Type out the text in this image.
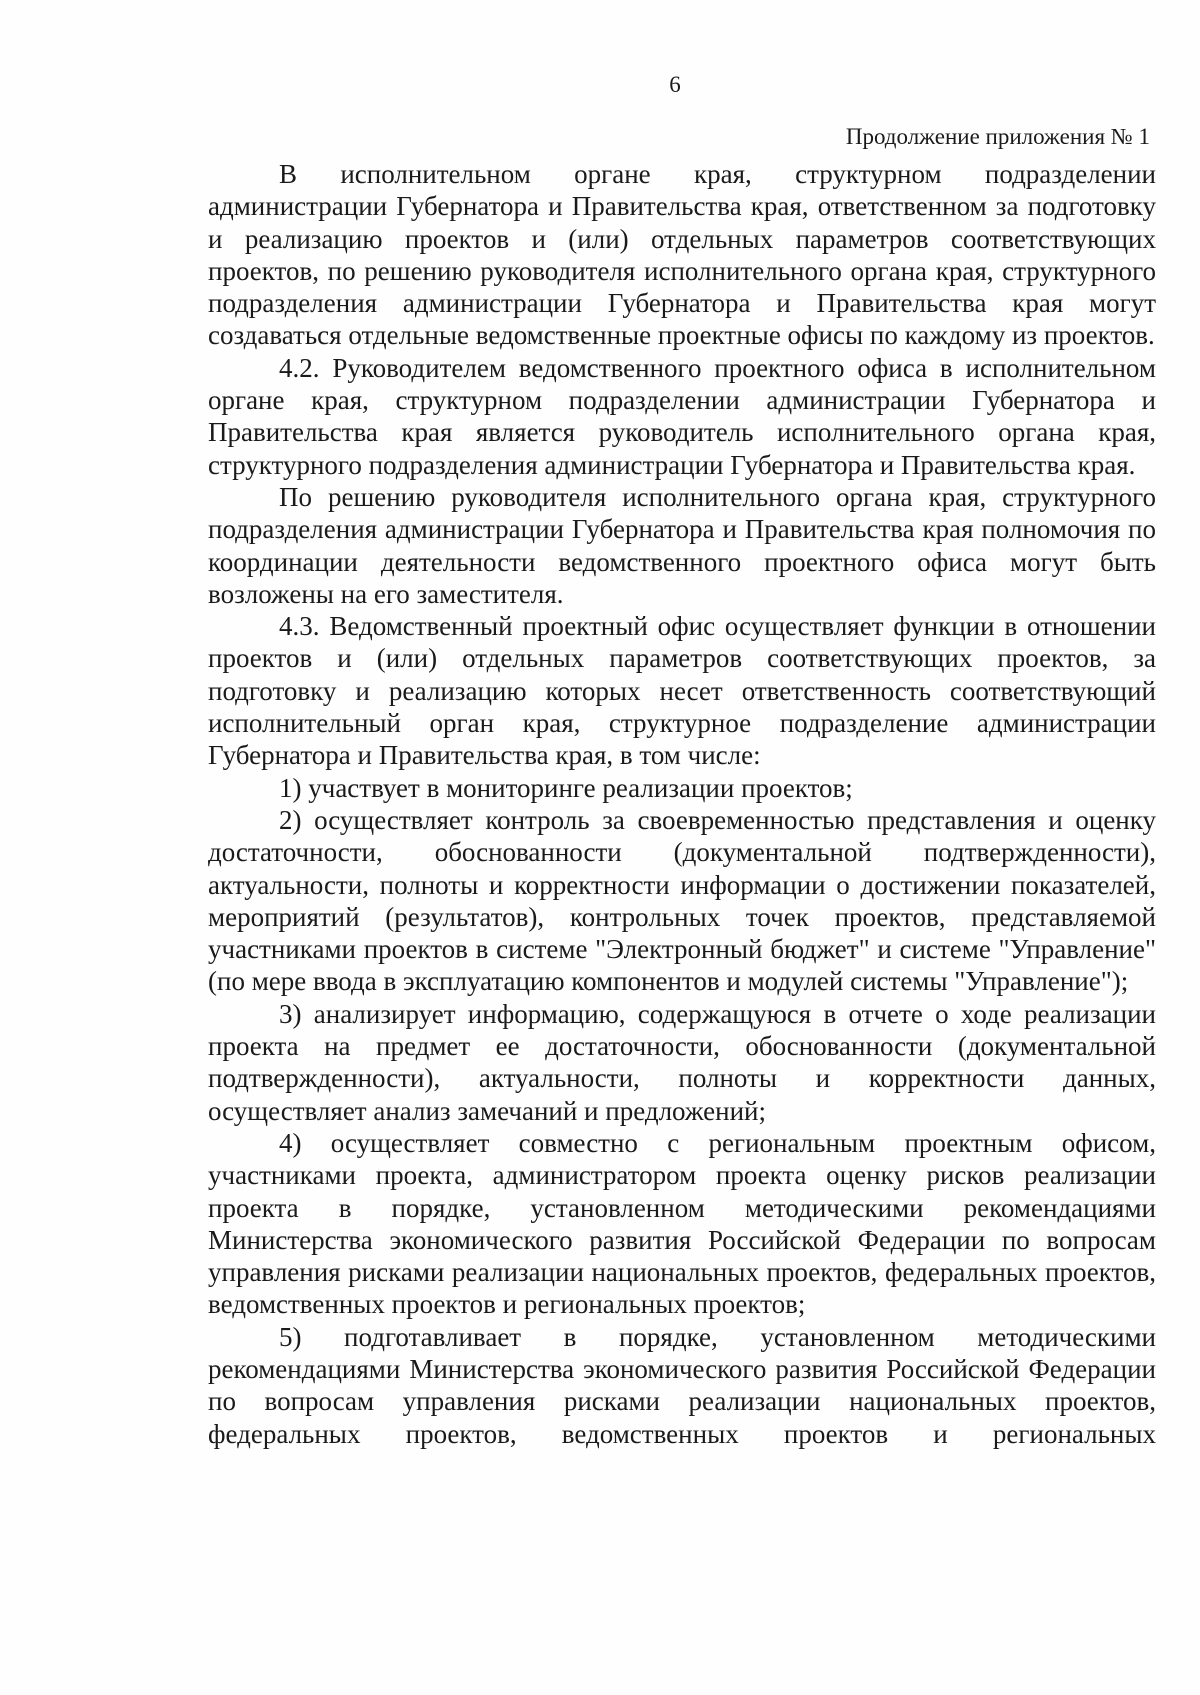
6
Продолжение приложения № 1

В исполнительном органе края, структурном подразделении администрации Губернатора и Правительства края, ответственном за подготовку и реализацию проектов и (или) отдельных параметров соответствующих проектов, по решению руководителя исполнительного органа края, структурного подразделения администрации Губернатора и Правительства края могут создаваться отдельные ведомственные проектные офисы по каждому из проектов.

4.2. Руководителем ведомственного проектного офиса в исполнительном органе края, структурном подразделении администрации Губернатора и Правительства края является руководитель исполнительного органа края, структурного подразделения администрации Губернатора и Правительства края.

По решению руководителя исполнительного органа края, структурного подразделения администрации Губернатора и Правительства края полномочия по координации деятельности ведомственного проектного офиса могут быть возложены на его заместителя.

4.3. Ведомственный проектный офис осуществляет функции в отношении проектов и (или) отдельных параметров соответствующих проектов, за подготовку и реализацию которых несет ответственность соответствующий исполнительный орган края, структурное подразделение администрации Губернатора и Правительства края, в том числе:

1) участвует в мониторинге реализации проектов;

2) осуществляет контроль за своевременностью представления и оценку достаточности, обоснованности (документальной подтвержденности), актуальности, полноты и корректности информации о достижении показателей, мероприятий (результатов), контрольных точек проектов, представляемой участниками проектов в системе "Электронный бюджет" и системе "Управление" (по мере ввода в эксплуатацию компонентов и модулей системы "Управление");

3) анализирует информацию, содержащуюся в отчете о ходе реализации проекта на предмет ее достаточности, обоснованности (документальной подтвержденности), актуальности, полноты и корректности данных, осуществляет анализ замечаний и предложений;

4) осуществляет совместно с региональным проектным офисом, участниками проекта, администратором проекта оценку рисков реализации проекта в порядке, установленном методическими рекомендациями Министерства экономического развития Российской Федерации по вопросам управления рисками реализации национальных проектов, федеральных проектов, ведомственных проектов и региональных проектов;

5) подготавливает в порядке, установленном методическими рекомендациями Министерства экономического развития Российской Федерации по вопросам управления рисками реализации национальных проектов, федеральных проектов, ведомственных проектов и региональных
